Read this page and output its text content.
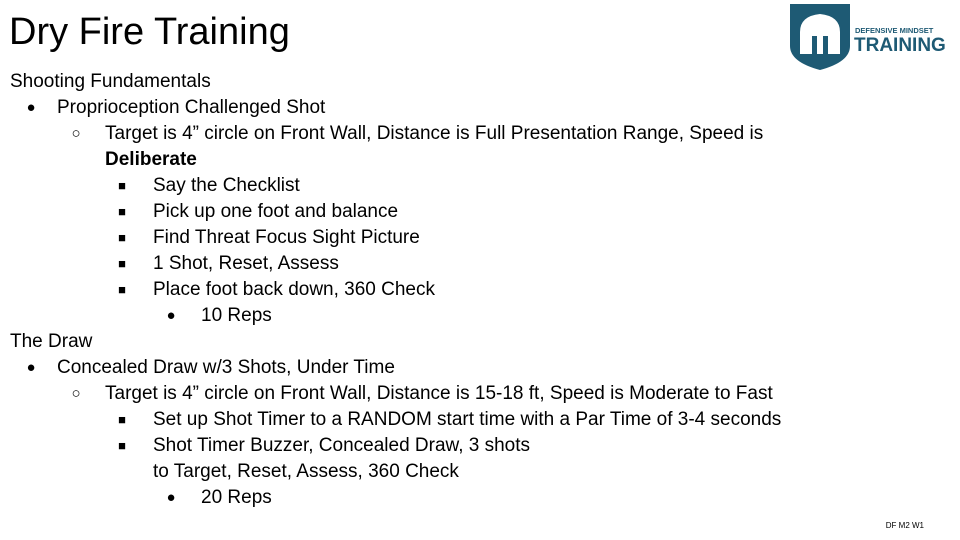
Dry Fire Training	DEFENSIVE MINDSET
TRAINING
Shooting Fundamentals
● Proprioception Challenged Shot
○ Target is 4” circle on Front Wall, Distance is Full Presentation Range, Speed is
Deliberate
■	Say the Checklist
■	Pick up one foot and balance
■	Find Threat Focus Sight Picture
■	1 Shot, Reset, Assess
■	Place foot back down, 360 Check
● 10 Reps
The Draw
● Concealed Draw w/3 Shots, Under Time
○ Target is 4” circle on Front Wall, Distance is 15-18 ft, Speed is Moderate to Fast
■	Set up Shot Timer to a RANDOM start time with a Par Time of 3-4 seconds
■	Shot Timer Buzzer, Concealed Draw, 3 shots
to Target, Reset, Assess, 360 Check
● 20 Reps
DF M2 W1
